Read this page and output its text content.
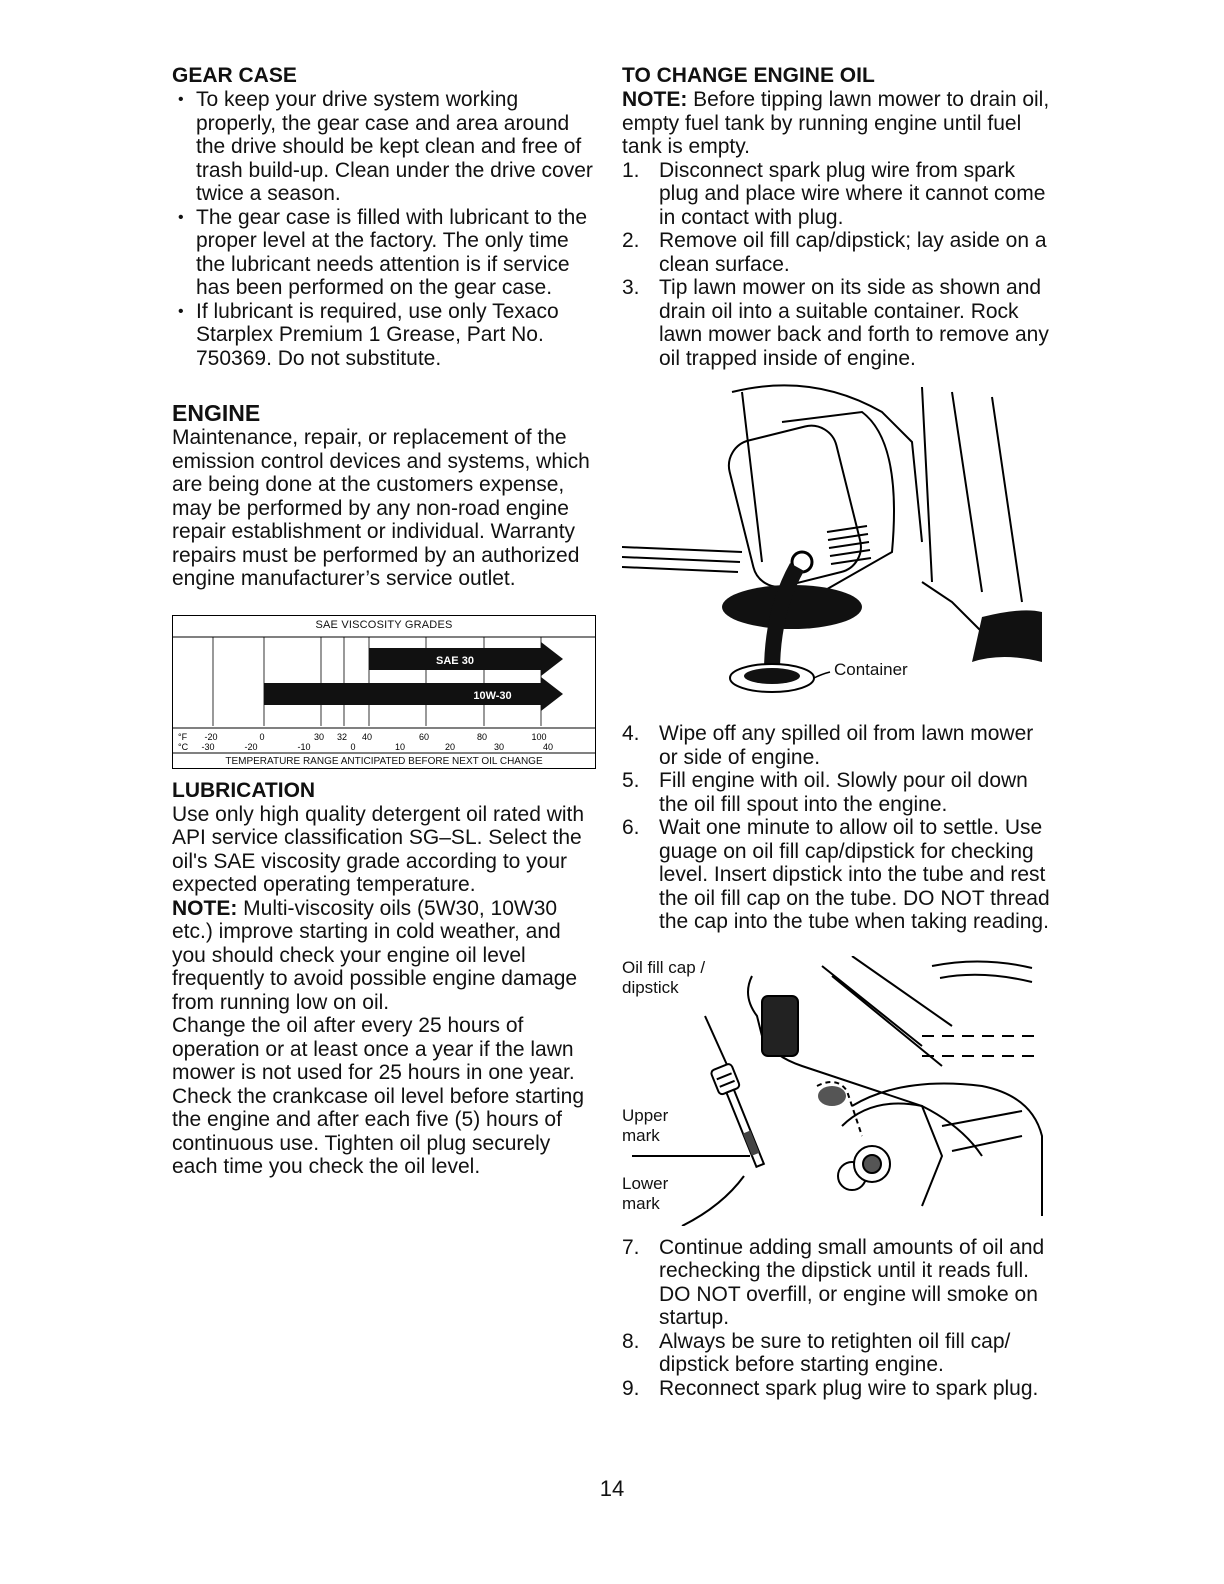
GEAR CASE
• To keep your drive system working properly, the gear case and area around the drive should be kept clean and free of trash build-up. Clean under the drive cover twice a season.
• The gear case is filled with lubricant to the proper level at the factory. The only time the lubricant needs attention is if service has been performed on the gear case.
• If lubricant is required, use only Texaco Starplex Premium 1 Grease, Part No. 750369. Do not substitute.
ENGINE

Maintenance, repair, or replacement of the emission control devices and systems, which are being done at the customers expense, may be performed by any non-road engine repair establishment or individual. Warranty repairs must be performed by an authorized engine manufacturer’s service outlet.

SAE VISCOSITY GRADES
SAE 30
10W-30
°F -20	0	30 32 40	60	80	100
°C -30	-20	-10	0	10	20	30	40
TEMPERATURE RANGE ANTICIPATED BEFORE NEXT OIL CHANGE
LUBRICATION

Use only high quality detergent oil rated with API service classification SG–SL. Select the oil's SAE viscosity grade according to your expected operating temperature.

NOTE: Multi-viscosity oils (5W30, 10W30 etc.) improve starting in cold weather, and you should check your engine oil level frequently to avoid possible engine damage from running low on oil.

Change the oil after every 25 hours of operation or at least once a year if the lawn mower is not used for 25 hours in one year.

Check the crankcase oil level before starting the engine and after each five (5) hours of continuous use. Tighten oil plug securely each time you check the oil level.

TO CHANGE ENGINE OIL

NOTE: Before tipping lawn mower to drain oil, empty fuel tank by running engine until fuel tank is empty.

1. Disconnect spark plug wire from spark plug and place wire where it cannot come in contact with plug.
2. Remove oil fill cap/dipstick; lay aside on a clean surface.
3. Tip lawn mower on its side as shown and drain oil into a suitable container. Rock lawn mower back and forth to remove any oil trapped inside of engine.
Container
4. Wipe off any spilled oil from lawn mower or side of engine.
5. Fill engine with oil. Slowly pour oil down the oil fill spout into the engine.
6. Wait one minute to allow oil to settle. Use guage on oil fill cap/dipstick for checking level. Insert dipstick into the tube and rest the oil fill cap on the tube. DO NOT thread the cap into the tube when taking reading.
Oil fill cap /
dipstick
Upper
mark
Lower
mark
7. Continue adding small amounts of oil and rechecking the dipstick until it reads full. DO NOT overfill, or engine will smoke on startup.
8. Always be sure to retighten oil fill cap/ dipstick before starting engine.
9. Reconnect spark plug wire to spark plug.
14
